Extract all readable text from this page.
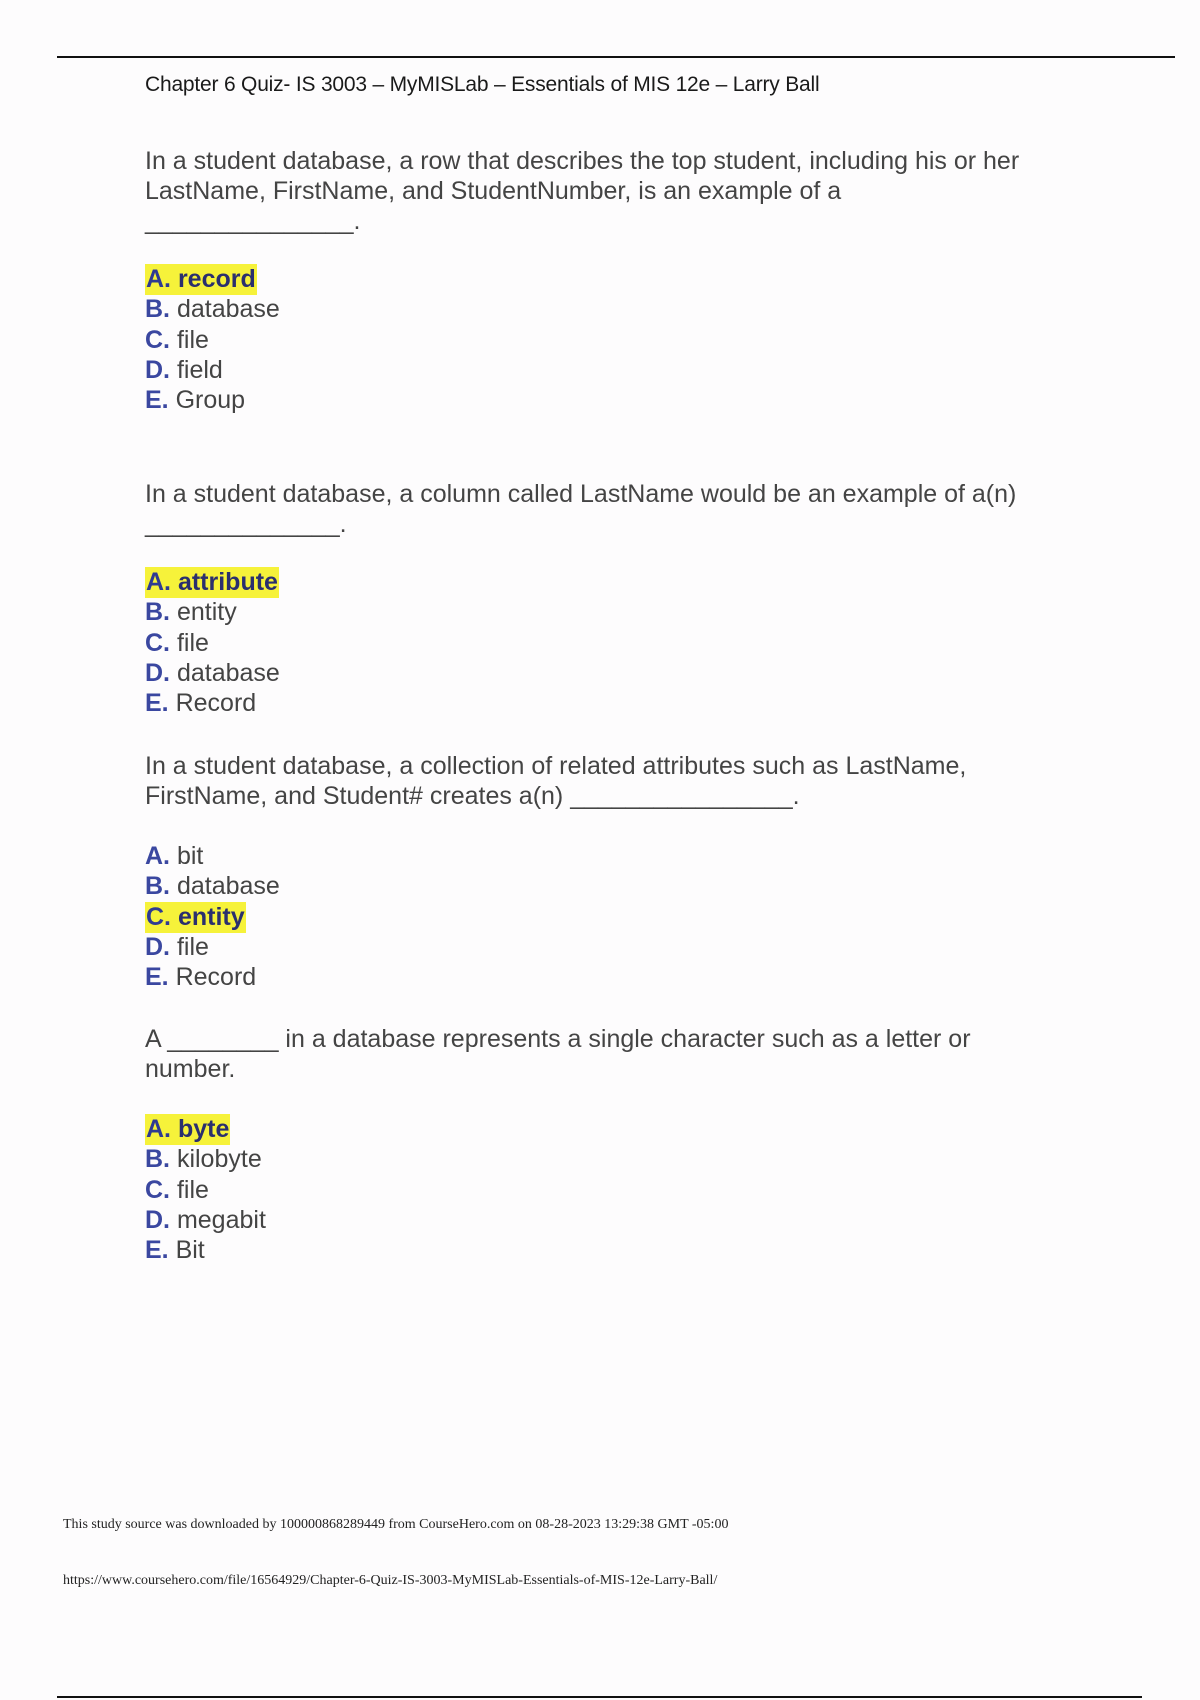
Chapter 6 Quiz- IS 3003 – MyMISLab – Essentials of MIS 12e – Larry Ball

In a student database, a row that describes the top student, including his or her
LastName, FirstName, and StudentNumber, is an example of a
_______________.

A. record
B. database
C. file
D. field
E. Group

In a student database, a column called LastName would be an example of a(n)
______________.

A. attribute
B. entity
C. file
D. database
E. Record

In a student database, a collection of related attributes such as LastName,
FirstName, and Student# creates a(n) ________________.

A. bit
B. database
C. entity
D. file
E. Record

A ________ in a database represents a single character such as a letter or
number.

A. byte
B. kilobyte
C. file
D. megabit
E. Bit
This study source was downloaded by 100000868289449 from CourseHero.com on 08-28-2023 13:29:38 GMT -05:00
https://www.coursehero.com/file/16564929/Chapter-6-Quiz-IS-3003-MyMISLab-Essentials-of-MIS-12e-Larry-Ball/
